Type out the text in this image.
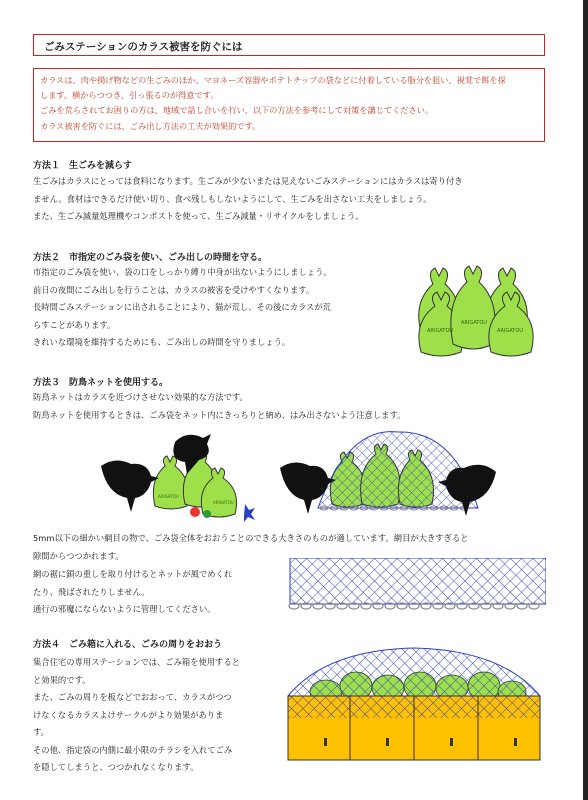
ごみステーションのカラス被害を防ぐには

カラスは、肉や揚げ物などの生ごみのほか、マヨネーズ容器やポテトチップの袋などに付着している脂分を狙い、視覚で餌を探

します。横からつつき、引っ張るのが得意です。

ごみを荒らされてお困りの方は、地域で話し合いを行い、以下の方法を参考にして対策を講じてください。

カラス被害を防ぐには、ごみ出し方法の工夫が効果的です。

方法１　生ごみを減らす

生ごみはカラスにとっては食料になります。生ごみが少ないまたは見えないごみステーションにはカラスは寄り付き

ません。食材はできるだけ使い切り、食べ残しもしないようにして、生ごみを出さない工夫をしましょう。

また、生ごみ減量処理機やコンポストを使って、生ごみ減量・リサイクルをしましょう。

方法２　市指定のごみ袋を使い、ごみ出しの時間を守る。

市指定のごみ袋を使い、袋の口をしっかり縛り中身が出ないようにしましょう。

前日の夜間にごみ出しを行うことは、カラスの被害を受けやすくなります。

長時間ごみステーションに出されることにより、猫が荒し、その後にカラスが荒

らすことがあります。

きれいな環境を維持するためにも、ごみ出しの時間を守りましょう。

ARIGATOU
ARIGATOU
ARIGATOU
方法３　防鳥ネットを使用する。

防鳥ネットはカラスを近づけさせない効果的な方法です。

防鳥ネットを使用するときは、ごみ袋をネット内にきっちりと納め、はみ出さないよう注意します。

ARIGATOU
ARIGATOU

5mm以下の細かい網目の物で、ごみ袋全体をおおうことのできる大きさのものが適しています。網目が大きすぎると

隙間からつつかれます。

網の裾に鎖の重しを取り付けるとネットが風でめくれ

たり、飛ばされたりしません。

通行の邪魔にならないように管理してください。

方法４　ごみ箱に入れる、ごみの周りをおおう

集合住宅の専用ステーションでは、ごみ箱を使用すると

と効果的です。

また、ごみの周りを板などでおおって、カラスがつつ

けなくなるカラスよけサークルがより効果がありま

す。

その他、指定袋の内側に最小限のチラシを入れてごみ

を隠してしまうと、つつかれなくなります。
